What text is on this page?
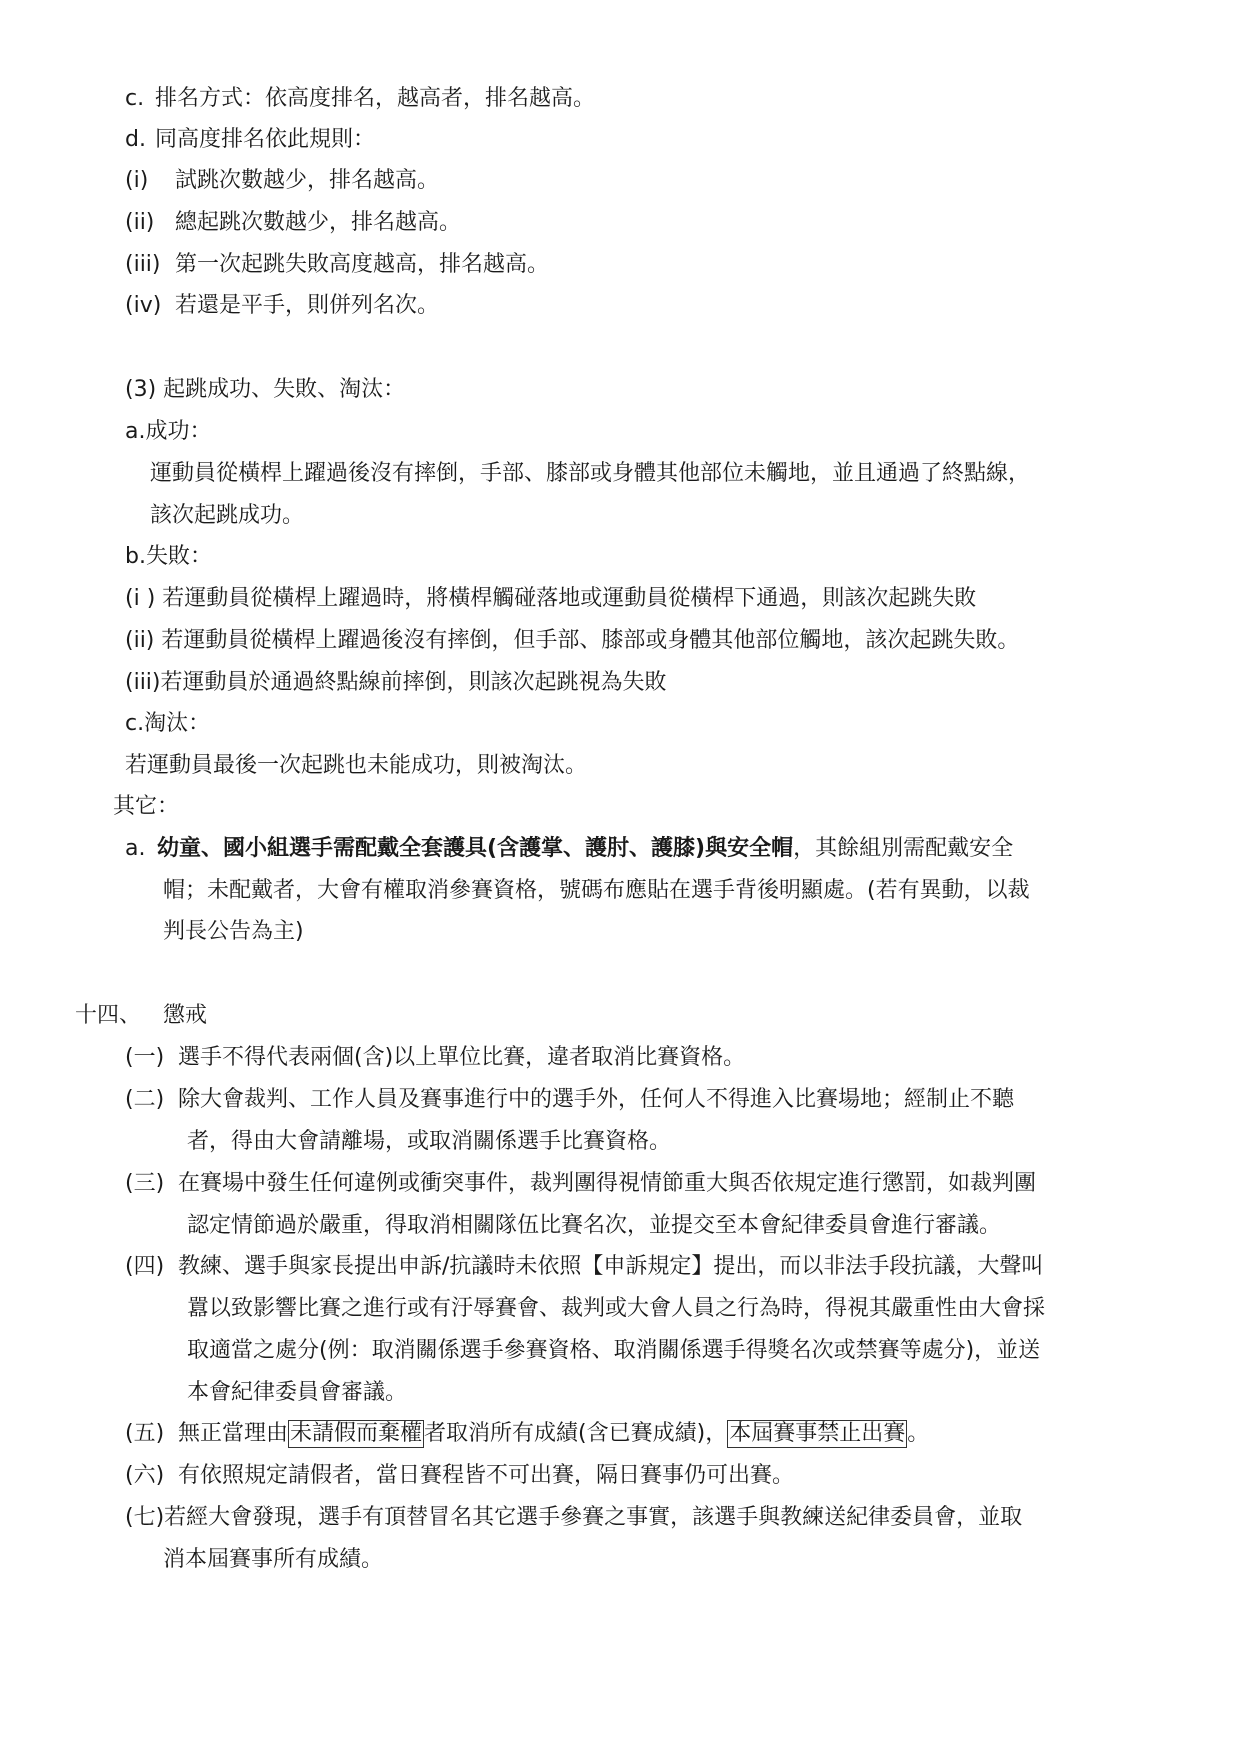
c. 排名方式：依高度排名，越高者，排名越高。
d. 同高度排名依此規則：
(i) 試跳次數越少，排名越高。
(ii) 總起跳次數越少，排名越高。
(iii) 第一次起跳失敗高度越高，排名越高。
(iv) 若還是平手，則併列名次。
(3) 起跳成功、失敗、淘汰：
a.成功：
運動員從橫桿上躍過後沒有摔倒，手部、膝部或身體其他部位未觸地，並且通過了終點線，
該次起跳成功。
b.失敗：
(i ) 若運動員從橫桿上躍過時，將橫桿觸碰落地或運動員從橫桿下通過，則該次起跳失敗
(ii) 若運動員從橫桿上躍過後沒有摔倒，但手部、膝部或身體其他部位觸地，該次起跳失敗。
(iii)若運動員於通過終點線前摔倒，則該次起跳視為失敗
c.淘汰：
若運動員最後一次起跳也未能成功，則被淘汰。
其它：
a. 幼童、國小組選手需配戴全套護具(含護掌、護肘、護膝)與安全帽，其餘組別需配戴安全
帽；未配戴者，大會有權取消參賽資格，號碼布應貼在選手背後明顯處。(若有異動，以裁
判長公告為主)
十四、 懲戒
(一) 選手不得代表兩個(含)以上單位比賽，違者取消比賽資格。
(二) 除大會裁判、工作人員及賽事進行中的選手外，任何人不得進入比賽場地；經制止不聽
者，得由大會請離場，或取消關係選手比賽資格。
(三) 在賽場中發生任何違例或衝突事件，裁判團得視情節重大與否依規定進行懲罰，如裁判團
認定情節過於嚴重，得取消相關隊伍比賽名次，並提交至本會紀律委員會進行審議。
(四) 教練、選手與家長提出申訴/抗議時未依照【申訴規定】提出，而以非法手段抗議，大聲叫
囂以致影響比賽之進行或有汙辱賽會、裁判或大會人員之行為時，得視其嚴重性由大會採
取適當之處分(例：取消關係選手參賽資格、取消關係選手得獎名次或禁賽等處分)，並送
本會紀律委員會審議。
(五) 無正當理由未請假而棄權者取消所有成績(含已賽成績)，本屆賽事禁止出賽。
(六) 有依照規定請假者，當日賽程皆不可出賽，隔日賽事仍可出賽。
(七)若經大會發現，選手有頂替冒名其它選手參賽之事實，該選手與教練送紀律委員會，並取
消本屆賽事所有成績。
